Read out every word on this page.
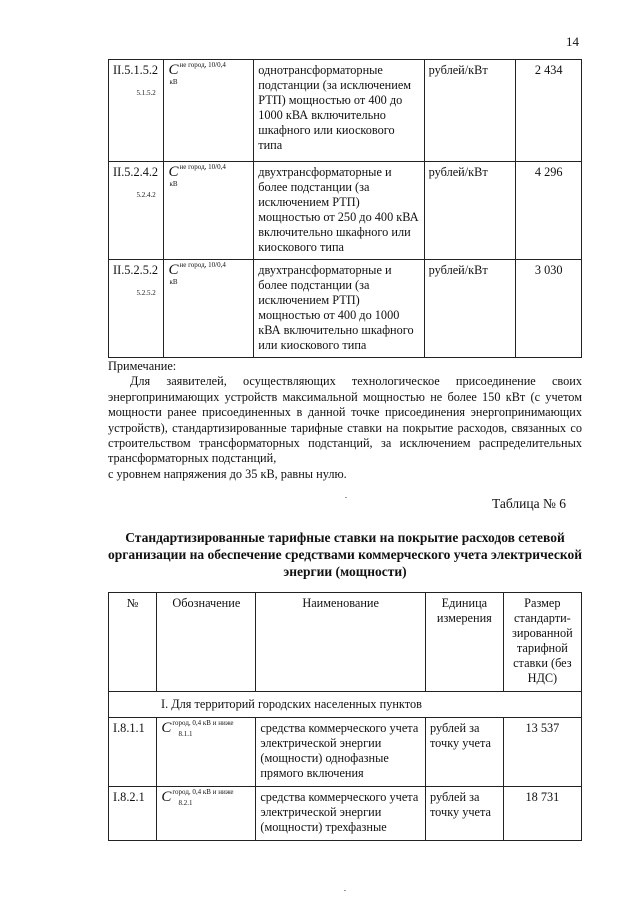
14
II.5.1.5.2	$C^{не город, 10/0,4 кВ}_{5.1.5.2}$	однотрансформаторные подстанции (за исключением РТП) мощностью от 400 до 1000 кВА включительно шкафного или киоскового типа	рублей/кВт	2 434
II.5.2.4.2	$C^{не город, 10/0,4 кВ}_{5.2.4.2}$	двухтрансформаторные и более подстанции (за исключением РТП) мощностью от 250 до 400 кВА включительно шкафного или киоскового типа	рублей/кВт	4 296
II.5.2.5.2	$C^{не город, 10/0,4 кВ}_{5.2.5.2}$	двухтрансформаторные и более подстанции (за исключением РТП) мощностью от 400 до 1000 кВА включительно шкафного или киоскового типа	рублей/кВт	3 030

Примечание:

Для заявителей, осуществляющих технологическое присоединение своих энергопринимающих устройств максимальной мощностью не более 150 кВт (с учетом мощности ранее присоединенных в данной точке присоединения энергопринимающих устройств), стандартизированные тарифные ставки на покрытие расходов, связанных со строительством трансформаторных подстанций, за исключением распределительных трансформаторных подстанций,

с уровнем напряжения до 35 кВ, равны нулю.

Таблица № 6
Стандартизированные тарифные ставки на покрытие расходов сетевой организации на обеспечение средствами коммерческого учета электрической энергии (мощности)
№	Обозначение	Наименование	Единица измерения	Размер стандарти-зированной тарифной ставки (без НДС)
I. Для территорий городских населенных пунктов				
I.8.1.1	$C^{город, 0,4 кВ и ниже}_{8.1.1}$	средства коммерческого учета электрической энергии (мощности) однофазные прямого включения	рублей за точку учета	13 537
I.8.2.1	$C^{город, 0,4 кВ и ниже}_{8.2.1}$	средства коммерческого учета электрической энергии (мощности) трехфазные	рублей за точку учета	18 731
